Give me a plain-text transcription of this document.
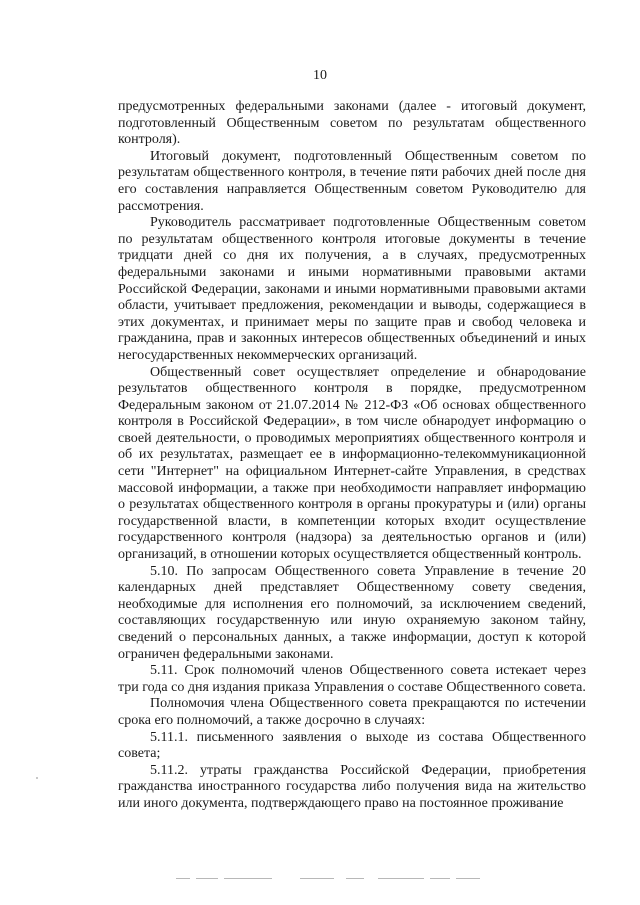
10

предусмотренных федеральными законами (далее - итоговый документ, подготовленный Общественным советом по результатам общественного контроля).

Итоговый документ, подготовленный Общественным советом по результатам общественного контроля, в течение пяти рабочих дней после дня его составления направляется Общественным советом Руководителю для рассмотрения.

Руководитель рассматривает подготовленные Общественным советом по результатам общественного контроля итоговые документы в течение тридцати дней со дня их получения, а в случаях, предусмотренных федеральными законами и иными нормативными правовыми актами Российской Федерации, законами и иными нормативными правовыми актами области, учитывает предложения, рекомендации и выводы, содержащиеся в этих документах, и принимает меры по защите прав и свобод человека и гражданина, прав и законных интересов общественных объединений и иных негосударственных некоммерческих организаций.

Общественный совет осуществляет определение и обнародование результатов общественного контроля в порядке, предусмотренном Федеральным законом от 21.07.2014 № 212-ФЗ «Об основах общественного контроля в Российской Федерации», в том числе обнародует информацию о своей деятельности, о проводимых мероприятиях общественного контроля и об их результатах, размещает ее в информационно-телекоммуникационной сети "Интернет" на официальном Интернет-сайте Управления, в средствах массовой информации, а также при необходимости направляет информацию о результатах общественного контроля в органы прокуратуры и (или) органы государственной власти, в компетенции которых входит осуществление государственного контроля (надзора) за деятельностью органов и (или) организаций, в отношении которых осуществляется общественный контроль.

5.10. По запросам Общественного совета Управление в течение 20 календарных дней представляет Общественному совету сведения, необходимые для исполнения его полномочий, за исключением сведений, составляющих государственную или иную охраняемую законом тайну, сведений о персональных данных, а также информации, доступ к которой ограничен федеральными законами.

5.11. Срок полномочий членов Общественного совета истекает через три года со дня издания приказа Управления о составе Общественного совета.

Полномочия члена Общественного совета прекращаются по истечении срока его полномочий, а также досрочно в случаях:

5.11.1. письменного заявления о выходе из состава Общественного совета;

5.11.2. утраты гражданства Российской Федерации, приобретения гражданства иностранного государства либо получения вида на жительство или иного документа, подтверждающего право на постоянное проживание
